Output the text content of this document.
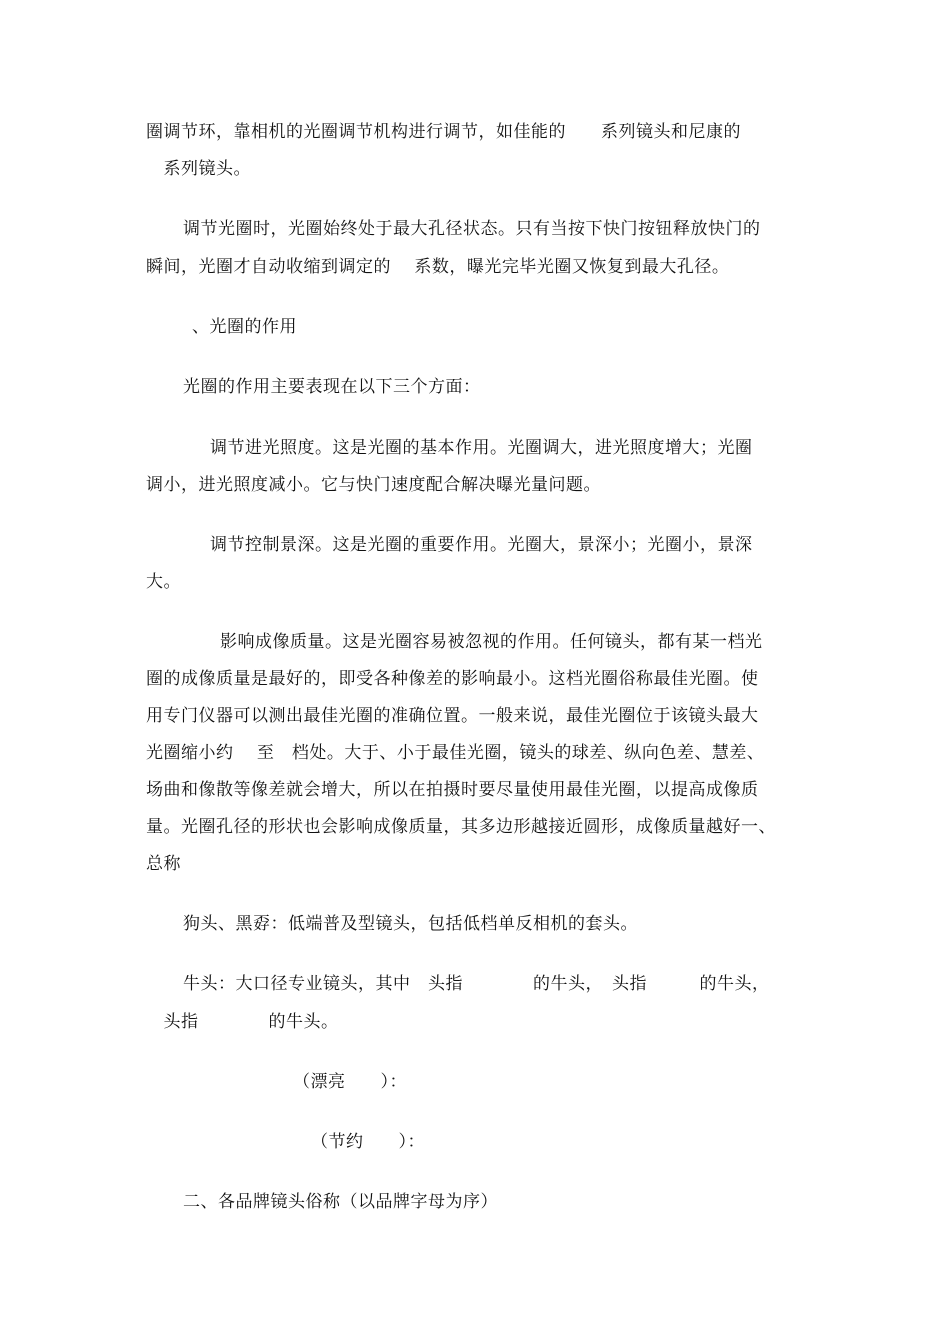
圈调节环，靠相机的光圈调节机构进行调节，如佳能的　　系列镜头和尼康的

　系列镜头。

调节光圈时，光圈始终处于最大孔径状态。只有当按下快门按钮释放快门的

瞬间，光圈才自动收缩到调定的　 系数，曝光完毕光圈又恢复到最大孔径。

、光圈的作用

光圈的作用主要表现在以下三个方面：

调节进光照度。这是光圈的基本作用。光圈调大，进光照度增大；光圈

调小，进光照度减小。它与快门速度配合解决曝光量问题。

调节控制景深。这是光圈的重要作用。光圈大，景深小；光圈小，景深

大。

影响成像质量。这是光圈容易被忽视的作用。任何镜头，都有某一档光

圈的成像质量是最好的，即受各种像差的影响最小。这档光圈俗称最佳光圈。使

用专门仪器可以测出最佳光圈的准确位置。一般来说，最佳光圈位于该镜头最大

光圈缩小约　 至　档处。大于、小于最佳光圈，镜头的球差、纵向色差、慧差、

场曲和像散等像差就会增大，所以在拍摄时要尽量使用最佳光圈，以提高成像质

量。光圈孔径的形状也会影响成像质量，其多边形越接近圆形，成像质量越好一、

总称

狗头、黑孬：低端普及型镜头，包括低档单反相机的套头。

牛头：大口径专业镜头，其中　头指　　　　的牛头，　头指　　　的牛头，

　头指　　　　的牛头。

（漂亮　　）：

（节约　　）：

二、各品牌镜头俗称（以品牌字母为序）
